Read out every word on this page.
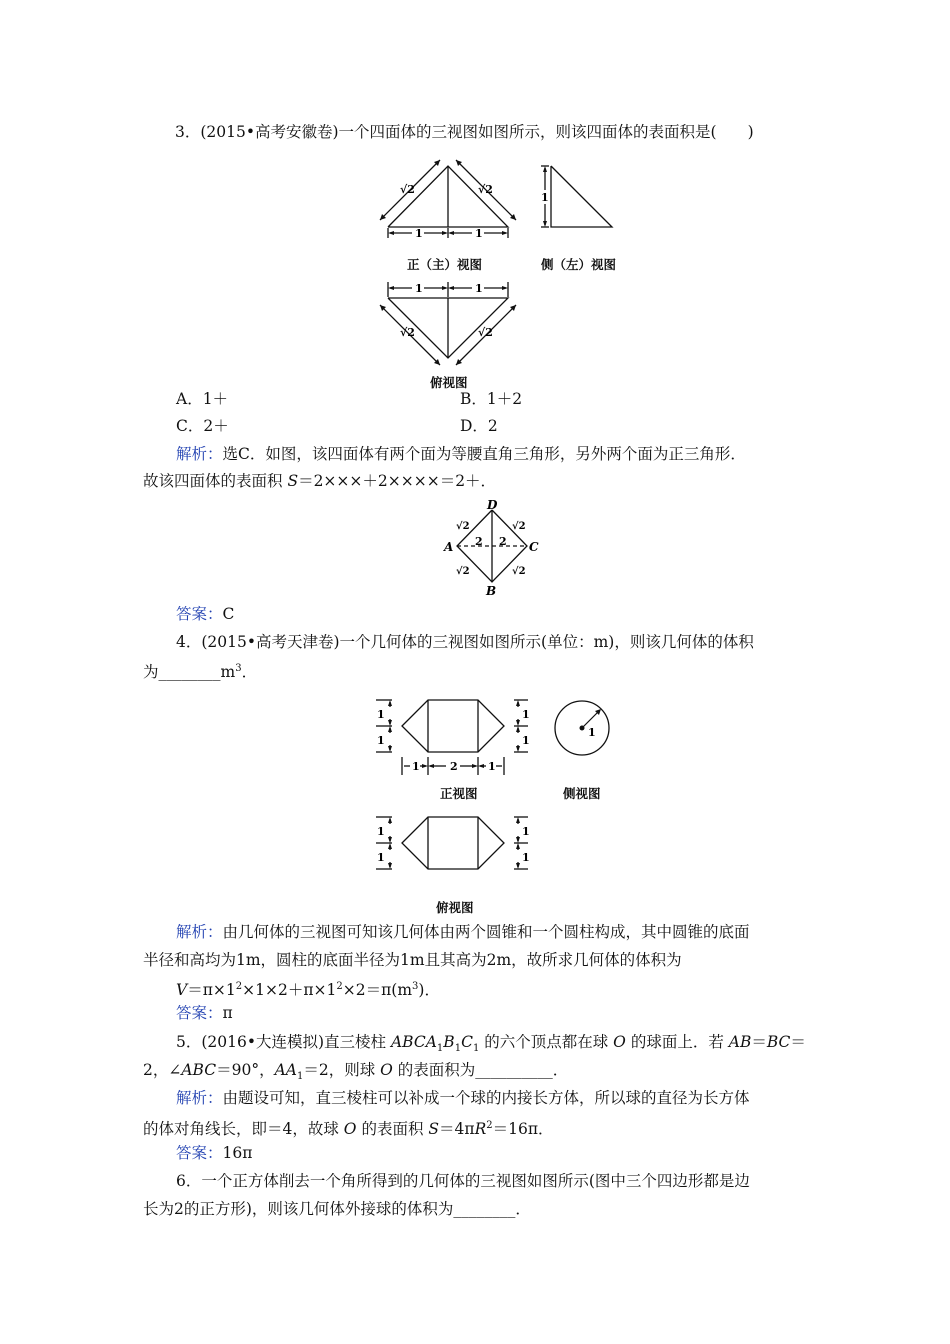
3．(2015•高考安徽卷)一个四面体的三视图如图所示，则该四面体的表面积是(　　)
√2	√2
1	1
正（主）视图
1
侧（左）视图
1	1
√2	√2
俯视图
A．1＋	B．1＋2
C．2＋	D．2
解析：选C．如图，该四面体有两个面为等腰直角三角形，另外两个面为正三角形．
故该四面体的表面积 S＝2×××＋2××××＝2＋．
D
B
A	C
√2	√2
√2	√2
2 2
答案：C
4．(2015•高考天津卷)一个几何体的三视图如图所示(单位：m)，则该几何体的体积
为$\_\_\_\_\_\_\_\_m^3$．
1
1
1
1
1	2	1
正视图
1
侧视图
1
1
1
1
俯视图
解析：由几何体的三视图可知该几何体由两个圆锥和一个圆柱构成，其中圆锥的底面
半径和高均为1m，圆柱的底面半径为1m且其高为2m，故所求几何体的体积为
$V=\pi\times 1^2\times 1\times 2+\pi\times 1^2\times 2=\pi(m^3)$．
答案：π
5．(2016•大连模拟)直三棱柱 $ABCA_1B_1C_1$ 的六个顶点都在球 O 的球面上．若 AB＝BC＝
2，∠ABC＝90°，$AA_1=2$，则球 O 的表面积为__________．
解析：由题设可知，直三棱柱可以补成一个球的内接长方体，所以球的直径为长方体
的体对角线长，即＝4，故球 O 的表面积 $S=4\pi R^2=16\pi$．
答案：16π
6．一个正方体削去一个角所得到的几何体的三视图如图所示(图中三个四边形都是边
长为2的正方形)，则该几何体外接球的体积为________．
